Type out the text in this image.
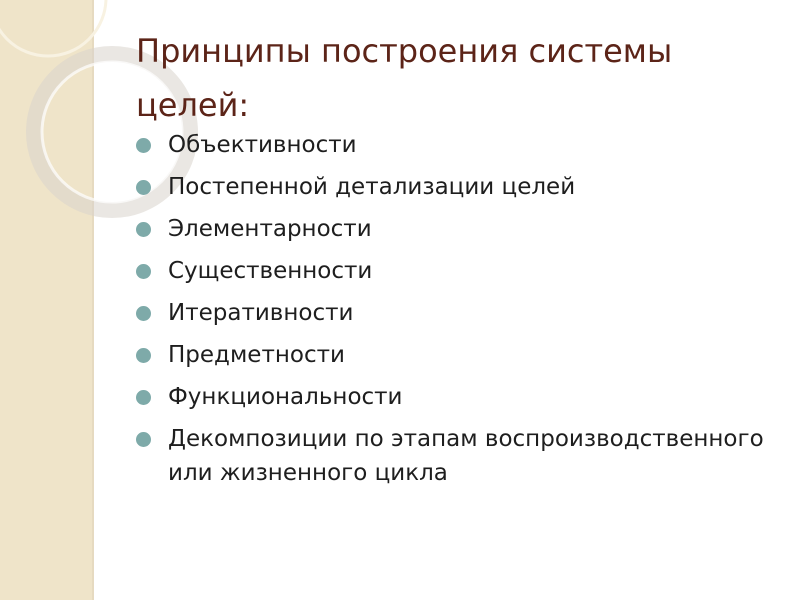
Принципы построения системы целей:
Объективности
Постепенной детализации целей
Элементарности
Существенности
Итеративности
Предметности
Функциональности
Декомпозиции по этапам воспроизводственного или жизненного цикла
